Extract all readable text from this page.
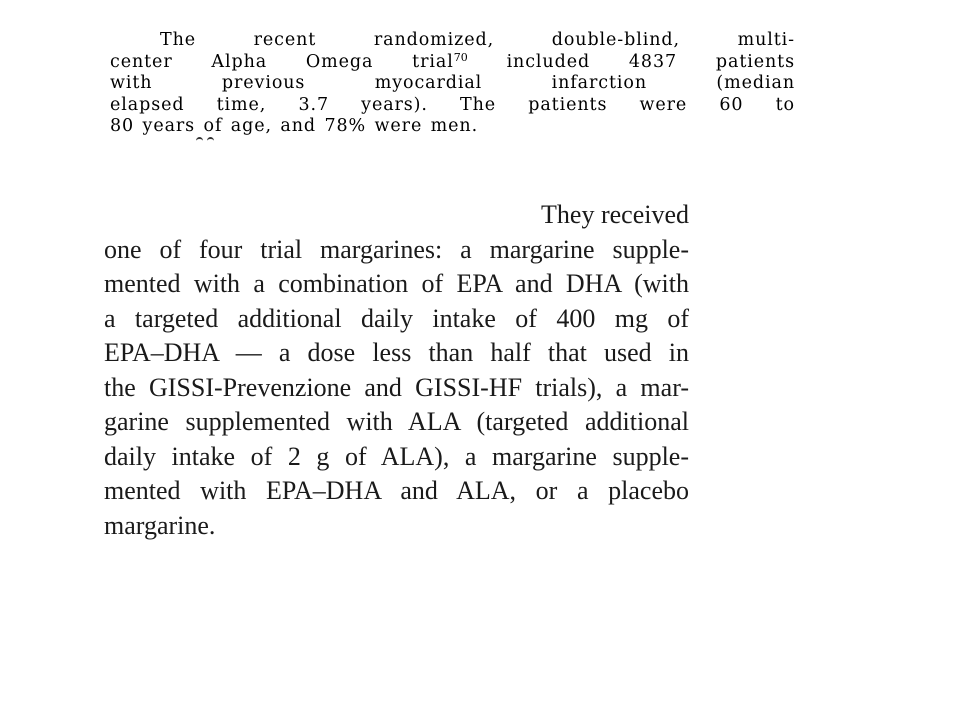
The recent randomized, double-blind, multi-
center Alpha Omega trial$^{70}$ included 4837 patients
with previous myocardial infarction (median
elapsed time, 3.7 years). The patients were 60 to
80 years of age, and 78% were men.
They received
one of four trial margarines: a margarine supple-
mented with a combination of EPA and DHA (with
a targeted additional daily intake of 400 mg of
EPA–DHA — a dose less than half that used in
the GISSI-Prevenzione and GISSI-HF trials), a mar-
garine supplemented with ALA (targeted additional
daily intake of 2 g of ALA), a margarine supple-
mented with EPA–DHA and ALA, or a placebo
margarine.
